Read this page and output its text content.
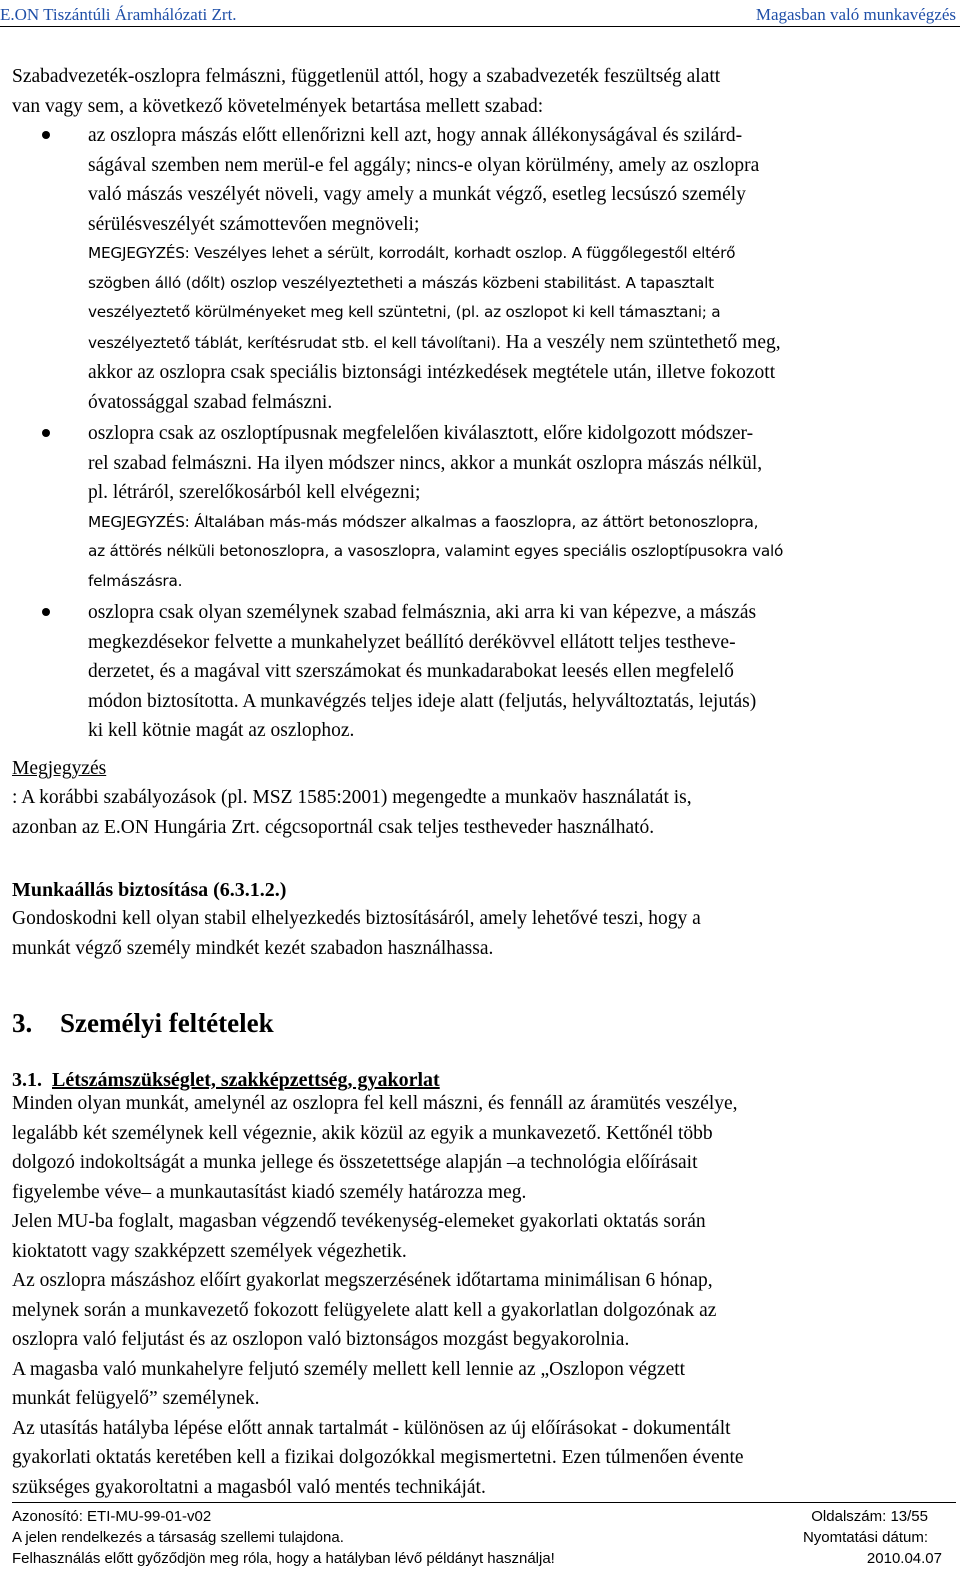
E.ON Tiszántúli Áramhálózati Zrt.	Magasban való munkavégzés
Szabadvezeték-oszlopra felmászni, függetlenül attól, hogy a szabadvezeték feszültség alatt
van vagy sem, a következő követelmények betartása mellett szabad:
az oszlopra mászás előtt ellenőrizni kell azt, hogy annak állékonyságával és szilárd-
ságával szemben nem merül-e fel aggály; nincs-e olyan körülmény, amely az oszlopra
való mászás veszélyét növeli, vagy amely a munkát végző, esetleg lecsúszó személy
sérülésveszélyét számottevően megnöveli;
MEGJEGYZÉS: Veszélyes lehet a sérült, korrodált, korhadt oszlop. A függőlegestől eltérő
szögben álló (dőlt) oszlop veszélyeztetheti a mászás közbeni stabilitást. A tapasztalt
veszélyeztető körülményeket meg kell szüntetni, (pl. az oszlopot ki kell támasztani; a
veszélyeztető táblát, kerítésrudat stb. el kell távolítani). Ha a veszély nem szüntethető meg,
akkor az oszlopra csak speciális biztonsági intézkedések megtétele után, illetve fokozott
óvatossággal szabad felmászni.
oszlopra csak az oszloptípusnak megfelelően kiválasztott, előre kidolgozott módszer-
rel szabad felmászni. Ha ilyen módszer nincs, akkor a munkát oszlopra mászás nélkül,
pl. létráról, szerelőkosárból kell elvégezni;
MEGJEGYZÉS: Általában más-más módszer alkalmas a faoszlopra, az áttört betonoszlopra,
az áttörés nélküli betonoszlopra, a vasoszlopra, valamint egyes speciális oszloptípusokra való
felmászásra.
oszlopra csak olyan személynek szabad felmásznia, aki arra ki van képezve, a mászás
megkezdésekor felvette a munkahelyzet beállító derékövvel ellátott teljes testheve-
derzetet, és a magával vitt szerszámokat és munkadarabokat leesés ellen megfelelő
módon biztosította. A munkavégzés teljes ideje alatt (feljutás, helyváltoztatás, lejutás)
ki kell kötnie magát az oszlophoz.
Megjegyzés
: A korábbi szabályozások (pl. MSZ 1585:2001) megengedte a munkaöv használatát is,
azonban az E.ON Hungária Zrt. cégcsoportnál csak teljes testheveder használható.
Munkaállás biztosítása (6.3.1.2.)
Gondoskodni kell olyan stabil elhelyezkedés biztosításáról, amely lehetővé teszi, hogy a
munkát végző személy mindkét kezét szabadon használhassa.
3. Személyi feltételek
3.1. Létszámszükséglet, szakképzettség, gyakorlat
Minden olyan munkát, amelynél az oszlopra fel kell mászni, és fennáll az áramütés veszélye,
legalább két személynek kell végeznie, akik közül az egyik a munkavezető. Kettőnél több
dolgozó indokoltságát a munka jellege és összetettsége alapján –a technológia előírásait
figyelembe véve– a munkautasítást kiadó személy határozza meg.
Jelen MU-ba foglalt, magasban végzendő tevékenység-elemeket gyakorlati oktatás során
kioktatott vagy szakképzett személyek végezhetik.
Az oszlopra mászáshoz előírt gyakorlat megszerzésének időtartama minimálisan 6 hónap,
melynek során a munkavezető fokozott felügyelete alatt kell a gyakorlatlan dolgozónak az
oszlopra való feljutást és az oszlopon való biztonságos mozgást begyakorolnia.
A magasba való munkahelyre feljutó személy mellett kell lennie az „Oszlopon végzett
munkát felügyelő” személynek.
Az utasítás hatályba lépése előtt annak tartalmát - különösen az új előírásokat - dokumentált
gyakorlati oktatás keretében kell a fizikai dolgozókkal megismertetni. Ezen túlmenően évente
szükséges gyakoroltatni a magasból való mentés technikáját.
Azonosító: ETI-MU-99-01-v02	Oldalszám: 13/55
A jelen rendelkezés a társaság szellemi tulajdona.	Nyomtatási dátum:
Felhasználás előtt győződjön meg róla, hogy a hatályban lévő példányt használja!	2010.04.07
